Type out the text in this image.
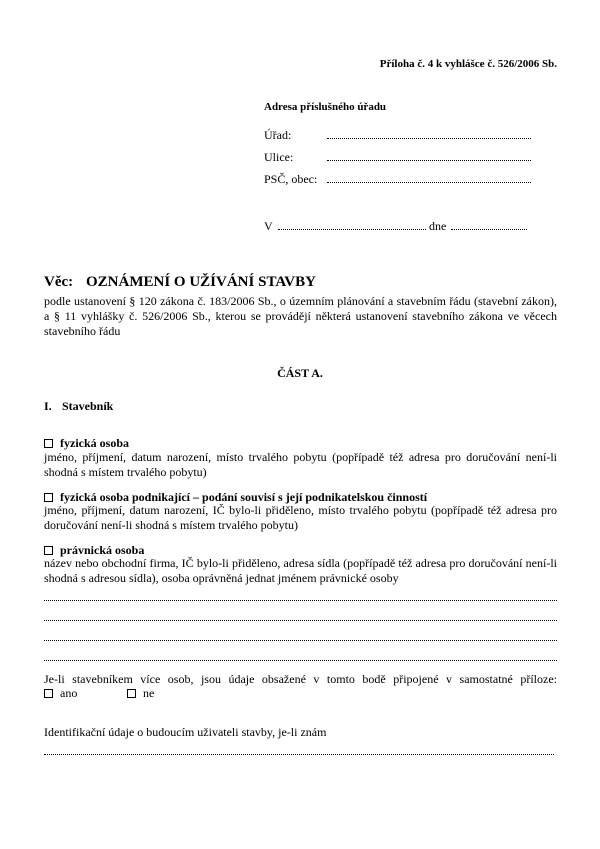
Příloha č. 4 k vyhlášce č. 526/2006 Sb.
Adresa příslušného úřadu
Úřad:
Ulice:
PSČ, obec:
V	dne
Věc: OZNÁMENÍ O UŽÍVÁNÍ STAVBY
podle ustanovení § 120 zákona č. 183/2006 Sb., o územním plánování a stavebním řádu (stavební zákon), a § 11 vyhlášky č. 526/2006 Sb., kterou se provádějí některá ustanovení stavebního zákona ve věcech stavebního řádu
ČÁST A.
I. Stavebník
fyzická osoba
jméno, příjmení, datum narození, místo trvalého pobytu (popřípadě též adresa pro doručování není-li shodná s místem trvalého pobytu)
fyzická osoba podnikající – podání souvisí s její podnikatelskou činností
jméno, příjmení, datum narození, IČ bylo-li přiděleno, místo trvalého pobytu (popřípadě též adresa pro doručování není-li shodná s místem trvalého pobytu)
právnická osoba
název nebo obchodní firma, IČ bylo-li přiděleno, adresa sídla (popřípadě též adresa pro doručování není-li shodná s adresou sídla), osoba oprávněná jednat jménem právnické osoby
Je-li stavebníkem více osob, jsou údaje obsažené v tomto bodě připojené v samostatné příloze:
ano	ne
Identifikační údaje o budoucím uživateli stavby, je-li znám
